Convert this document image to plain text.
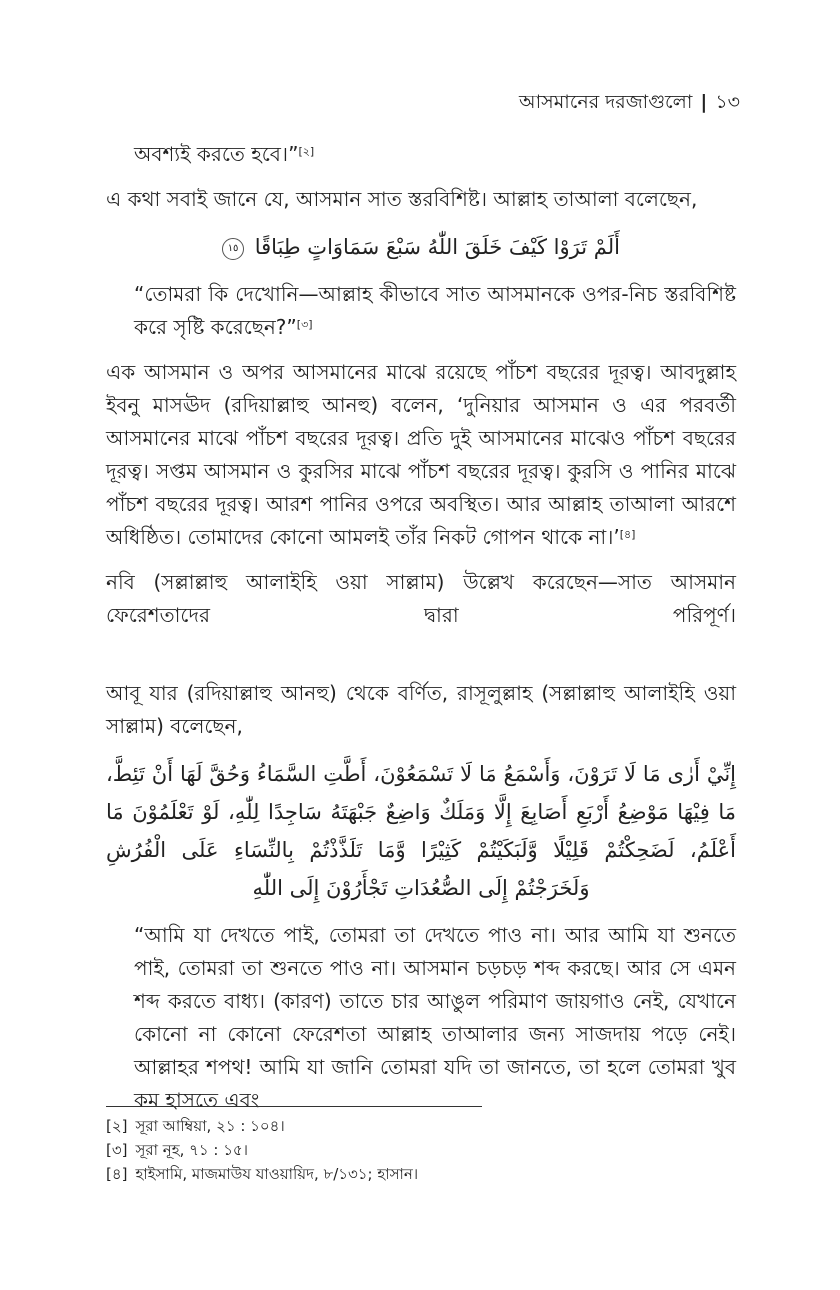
আসমানের দরজাগুলো | ১৩

অবশ্যই করতে হবে।”[২]

এ কথা সবাই জানে যে, আসমান সাত স্তরবিশিষ্ট। আল্লাহ তাআলা বলেছেন,

أَلَمْ تَرَوْا كَيْفَ خَلَقَ اللّٰهُ سَبْعَ سَمَاوَاتٍ طِبَاقًا ١٥

“তোমরা কি দেখোনি—আল্লাহ কীভাবে সাত আসমানকে ওপর-নিচ স্তরবিশিষ্ট করে সৃষ্টি করেছেন?”[৩]

এক আসমান ও অপর আসমানের মাঝে রয়েছে পাঁচশ বছরের দূরত্ব। আবদুল্লাহ ইবনু মাসঊদ (রদিয়াল্লাহু আনহু) বলেন, ‘দুনিয়ার আসমান ও এর পরবর্তী আসমানের মাঝে পাঁচশ বছরের দূরত্ব। প্রতি দুই আসমানের মাঝেও পাঁচশ বছরের দূরত্ব। সপ্তম আসমান ও কুরসির মাঝে পাঁচশ বছরের দূরত্ব। কুরসি ও পানির মাঝে পাঁচশ বছরের দূরত্ব। আরশ পানির ওপরে অবস্থিত। আর আল্লাহ তাআলা আরশে অধিষ্ঠিত। তোমাদের কোনো আমলই তাঁর নিকট গোপন থাকে না।’[৪]

নবি (সল্লাল্লাহু আলাইহি ওয়া সাল্লাম) উল্লেখ করেছেন—সাত আসমান ফেরেশতাদের দ্বারা পরিপূর্ণ।

আবূ যার (রদিয়াল্লাহু আনহু) থেকে বর্ণিত, রাসূলুল্লাহ (সল্লাল্লাহু আলাইহি ওয়া সাল্লাম) বলেছেন,

إِنِّيْ أَرٰى مَا لَا تَرَوْنَ، وَأَسْمَعُ مَا لَا تَسْمَعُوْنَ، أَطَّتِ السَّمَاءُ وَحُقَّ لَهَا أَنْ تَئِطَّ، مَا فِيْهَا مَوْضِعُ أَرْبَعِ أَصَابِعَ إِلَّا وَمَلَكٌ وَاضِعٌ جَبْهَتَهُ سَاجِدًا لِلّٰهِ، لَوْ تَعْلَمُوْنَ مَا أَعْلَمُ، لَضَحِكْتُمْ قَلِيْلًا وَّلَبَكَيْتُمْ كَثِيْرًا وَّمَا تَلَذَّذْتُمْ بِالنِّسَاءِ عَلَى الْفُرُشِ وَلَخَرَجْتُمْ إِلَى الصُّعُدَاتِ تَجْأَرُوْنَ إِلَى اللّٰهِ

“আমি যা দেখতে পাই, তোমরা তা দেখতে পাও না। আর আমি যা শুনতে পাই, তোমরা তা শুনতে পাও না। আসমান চড়চড় শব্দ করছে। আর সে এমন শব্দ করতে বাধ্য। (কারণ) তাতে চার আঙুল পরিমাণ জায়গাও নেই, যেখানে কোনো না কোনো ফেরেশতা আল্লাহ তাআলার জন্য সাজদায় পড়ে নেই। আল্লাহর শপথ! আমি যা জানি তোমরা যদি তা জানতে, তা হলে তোমরা খুব কম হাসতে এবং

[২] সূরা আম্বিয়া, ২১ : ১০৪।

[৩] সূরা নূহ, ৭১ : ১৫।

[৪] হাইসামি, মাজমাউয যাওয়ায়িদ, ৮/১৩১; হাসান।
